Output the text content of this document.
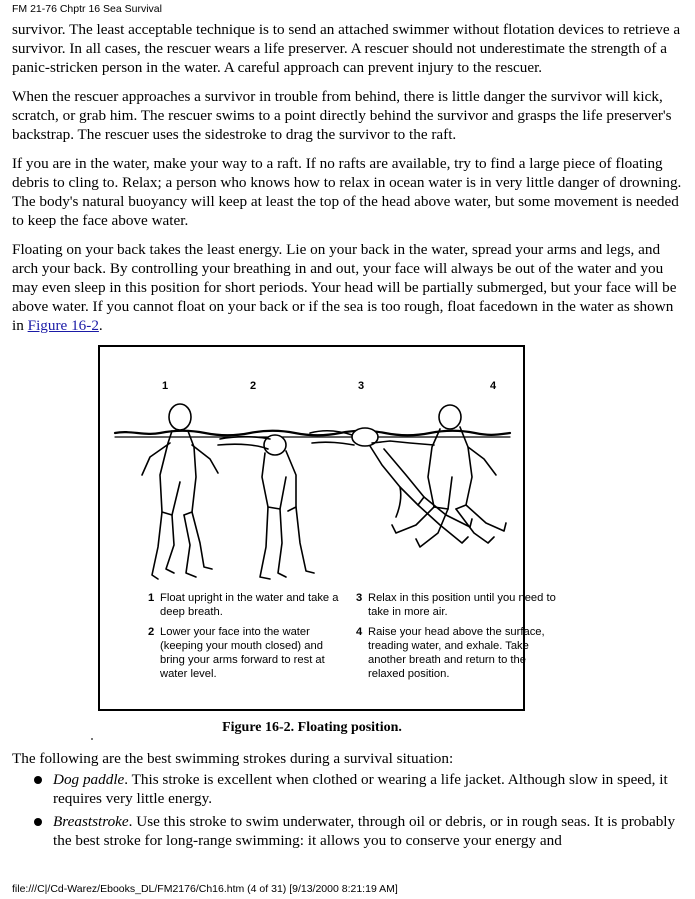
FM 21-76 Chptr 16 Sea Survival

survivor. The least acceptable technique is to send an attached swimmer without flotation devices to retrieve a survivor. In all cases, the rescuer wears a life preserver. A rescuer should not underestimate the strength of a panic-stricken person in the water. A careful approach can prevent injury to the rescuer.

When the rescuer approaches a survivor in trouble from behind, there is little danger the survivor will kick, scratch, or grab him. The rescuer swims to a point directly behind the survivor and grasps the life preserver's backstrap. The rescuer uses the sidestroke to drag the survivor to the raft.

If you are in the water, make your way to a raft. If no rafts are available, try to find a large piece of floating debris to cling to. Relax; a person who knows how to relax in ocean water is in very little danger of drowning. The body's natural buoyancy will keep at least the top of the head above water, but some movement is needed to keep the face above water.

Floating on your back takes the least energy. Lie on your back in the water, spread your arms and legs, and arch your back. By controlling your breathing in and out, your face will always be out of the water and you may even sleep in this position for short periods. Your head will be partially submerged, but your face will be above water. If you cannot float on your back or if the sea is too rough, float facedown in the water as shown in Figure 16-2.

1	2	3	4
1 Float upright in the water and take a deep breath.
2 Lower your face into the water (keeping your mouth closed) and bring your arms forward to rest at water level.
3 Relax in this position until you need to take in more air.
4 Raise your head above the surface, treading water, and exhale. Take another breath and return to the relaxed position.
Figure 16-2. Floating position.

The following are the best swimming strokes during a survival situation:

Dog paddle. This stroke is excellent when clothed or wearing a life jacket. Although slow in speed, it requires very little energy.
Breaststroke. Use this stroke to swim underwater, through oil or debris, or in rough seas. It is probably the best stroke for long-range swimming: it allows you to conserve your energy and
file:///C|/Cd-Warez/Ebooks_DL/FM2176/Ch16.htm (4 of 31) [9/13/2000 8:21:19 AM]
